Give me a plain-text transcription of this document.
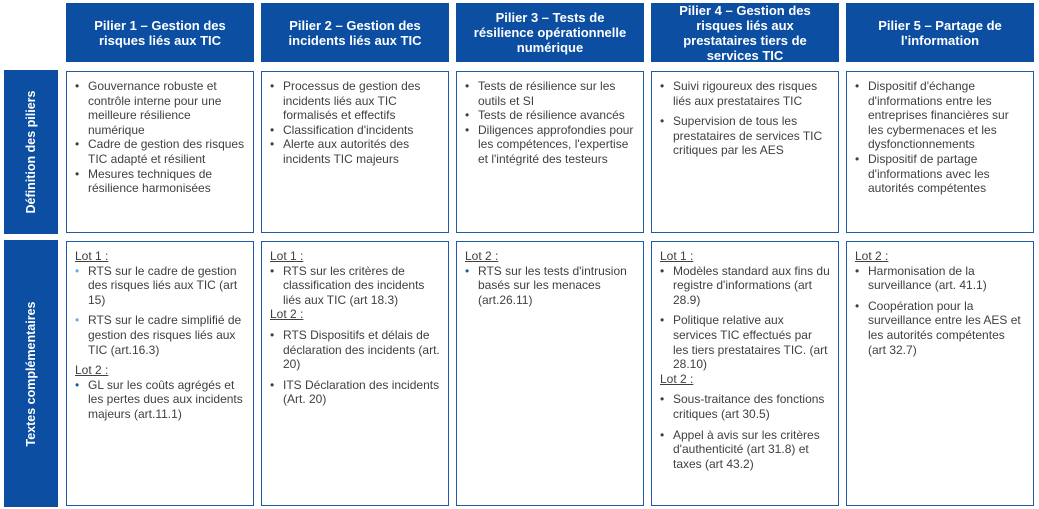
Pilier 1 – Gestion des risques liés aux TIC
Pilier 2 – Gestion des incidents liés aux TIC
Pilier 3 – Tests de résilience opérationnelle numérique
Pilier 4 – Gestion des risques liés aux prestataires tiers de services TIC
Pilier 5 – Partage de l'information
Définition des piliers
Textes complémentaires
• Gouvernance robuste et contrôle interne pour une meilleure résilience numérique
• Cadre de gestion des risques TIC adapté et résilient
• Mesures techniques de résilience harmonisées
• Processus de gestion des incidents liés aux TIC formalisés et effectifs
• Classification d'incidents
• Alerte aux autorités des incidents TIC majeurs
• Tests de résilience sur les outils et SI
• Tests de résilience avancés
• Diligences approfondies pour les compétences, l'expertise et l'intégrité des testeurs
• Suivi rigoureux des risques liés aux prestataires TIC
• Supervision de tous les prestataires de services TIC critiques par les AES
• Dispositif d'échange d'informations entre les entreprises financières sur les cybermenaces et les dysfonctionnements
• Dispositif de partage d'informations avec les autorités compétentes
Lot 1 :
• RTS sur le cadre de gestion des risques liés aux TIC (art 15)
• RTS sur le cadre simplifié de gestion des risques liés aux TIC (art.16.3)
Lot 2 :
• GL sur les coûts agrégés et les pertes dues aux incidents majeurs (art.11.1)
Lot 1 :
• RTS sur les critères de classification des incidents liés aux TIC (art 18.3)
Lot 2 :
• RTS Dispositifs et délais de déclaration des incidents (art. 20)
• ITS Déclaration des incidents (Art. 20)
Lot 2 :
• RTS sur les tests d'intrusion basés sur les menaces (art.26.11)
Lot 1 :
• Modèles standard aux fins du registre d'informations (art 28.9)
• Politique relative aux services TIC effectués par les tiers prestataires TIC. (art 28.10)
Lot 2 :
• Sous-traitance des fonctions critiques (art 30.5)
• Appel à avis sur les critères d'authenticité (art 31.8) et taxes (art 43.2)
Lot 2 :
• Harmonisation de la surveillance (art. 41.1)
• Coopération pour la surveillance entre les AES et les autorités compétentes (art 32.7)
